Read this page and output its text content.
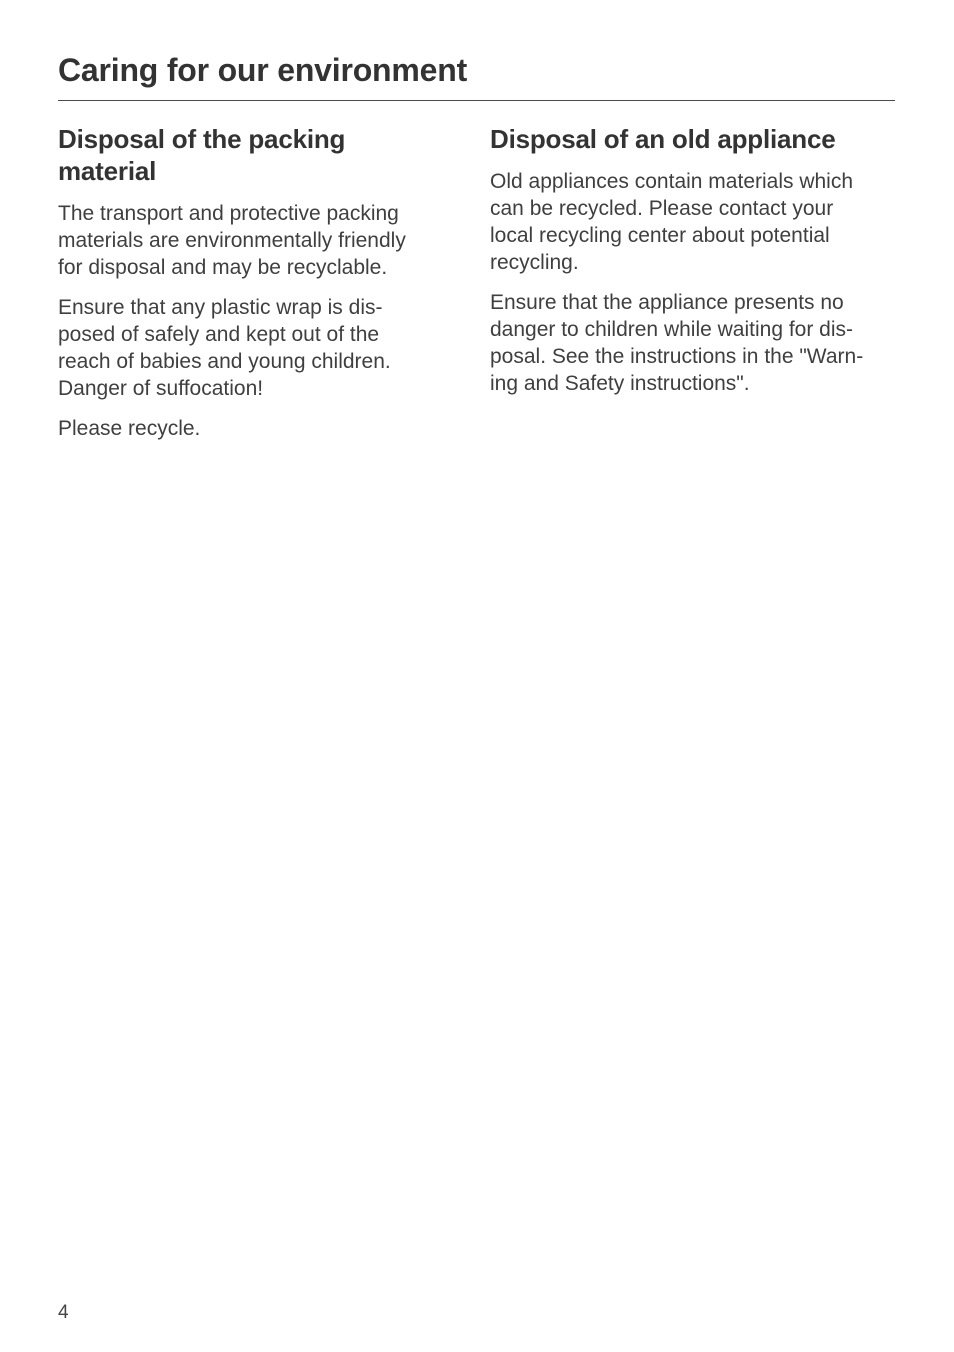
Caring for our environment
Disposal of the packing
material

The transport and protective packing
materials are environmentally friendly
for disposal and may be recyclable.

Ensure that any plastic wrap is dis-
posed of safely and kept out of the
reach of babies and young children.
Danger of suffocation!

Please recycle.

Disposal of an old appliance

Old appliances contain materials which
can be recycled. Please contact your
local recycling center about potential
recycling.

Ensure that the appliance presents no
danger to children while waiting for dis-
posal. See the instructions in the "Warn-
ing and Safety instructions".

4
